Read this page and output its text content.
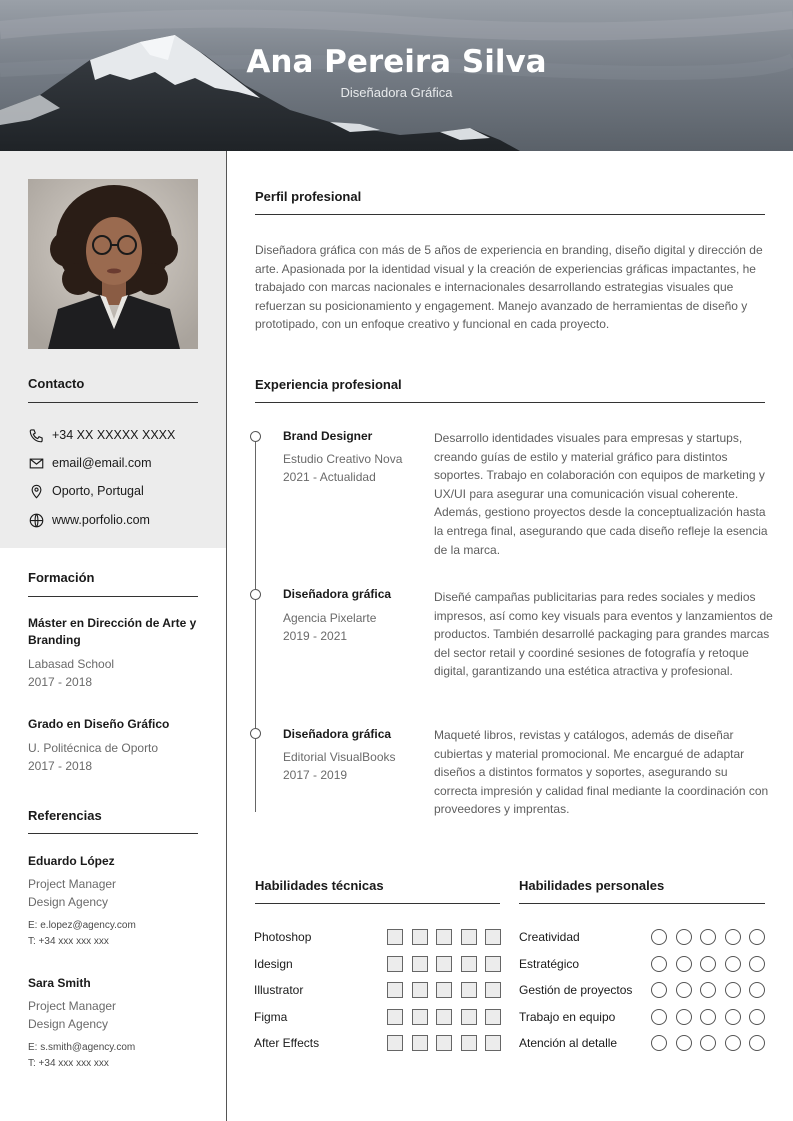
Ana Pereira Silva
Diseñadora Gráfica
Contacto
+34 XX XXXXX XXXX
email@email.com
Oporto, Portugal
www.porfolio.com
Formación
Máster en Dirección de Arte y Branding
Labasad School
2017 - 2018
Grado en Diseño Gráfico
U. Politécnica de Oporto
2017 - 2018
Referencias
Eduardo López
Project Manager
Design Agency
E: e.lopez@agency.com
T: +34 xxx xxx xxx
Sara Smith
Project Manager
Design Agency
E: s.smith@agency.com
T: +34 xxx xxx xxx
Perfil profesional
Diseñadora gráfica con más de 5 años de experiencia en branding, diseño digital y dirección de arte. Apasionada por la identidad visual y la creación de experiencias gráficas impactantes, he trabajado con marcas nacionales e internacionales desarrollando estrategias visuales que refuerzan su posicionamiento y engagement. Manejo avanzado de herramientas de diseño y prototipado, con un enfoque creativo y funcional en cada proyecto.
Experiencia profesional
Brand Designer
Estudio Creativo Nova
2021 - Actualidad
Desarrollo identidades visuales para empresas y startups, creando guías de estilo y material gráfico para distintos soportes. Trabajo en colaboración con equipos de marketing y UX/UI para asegurar una comunicación visual coherente. Además, gestiono proyectos desde la conceptualización hasta la entrega final, asegurando que cada diseño refleje la esencia de la marca.
Diseñadora gráfica
Agencia Pixelarte
2019 - 2021
Diseñé campañas publicitarias para redes sociales y medios impresos, así como key visuals para eventos y lanzamientos de productos. También desarrollé packaging para grandes marcas del sector retail y coordiné sesiones de fotografía y retoque digital, garantizando una estética atractiva y profesional.
Diseñadora gráfica
Editorial VisualBooks
2017 - 2019
Maqueté libros, revistas y catálogos, además de diseñar cubiertas y material promocional. Me encargué de adaptar diseños a distintos formatos y soportes, asegurando su correcta impresión y calidad final mediante la coordinación con proveedores y imprentas.
Habilidades técnicas
Photoshop
Idesign
Illustrator
Figma
After Effects
Habilidades personales
Creatividad
Estratégico
Gestión de proyectos
Trabajo en equipo
Atención al detalle
